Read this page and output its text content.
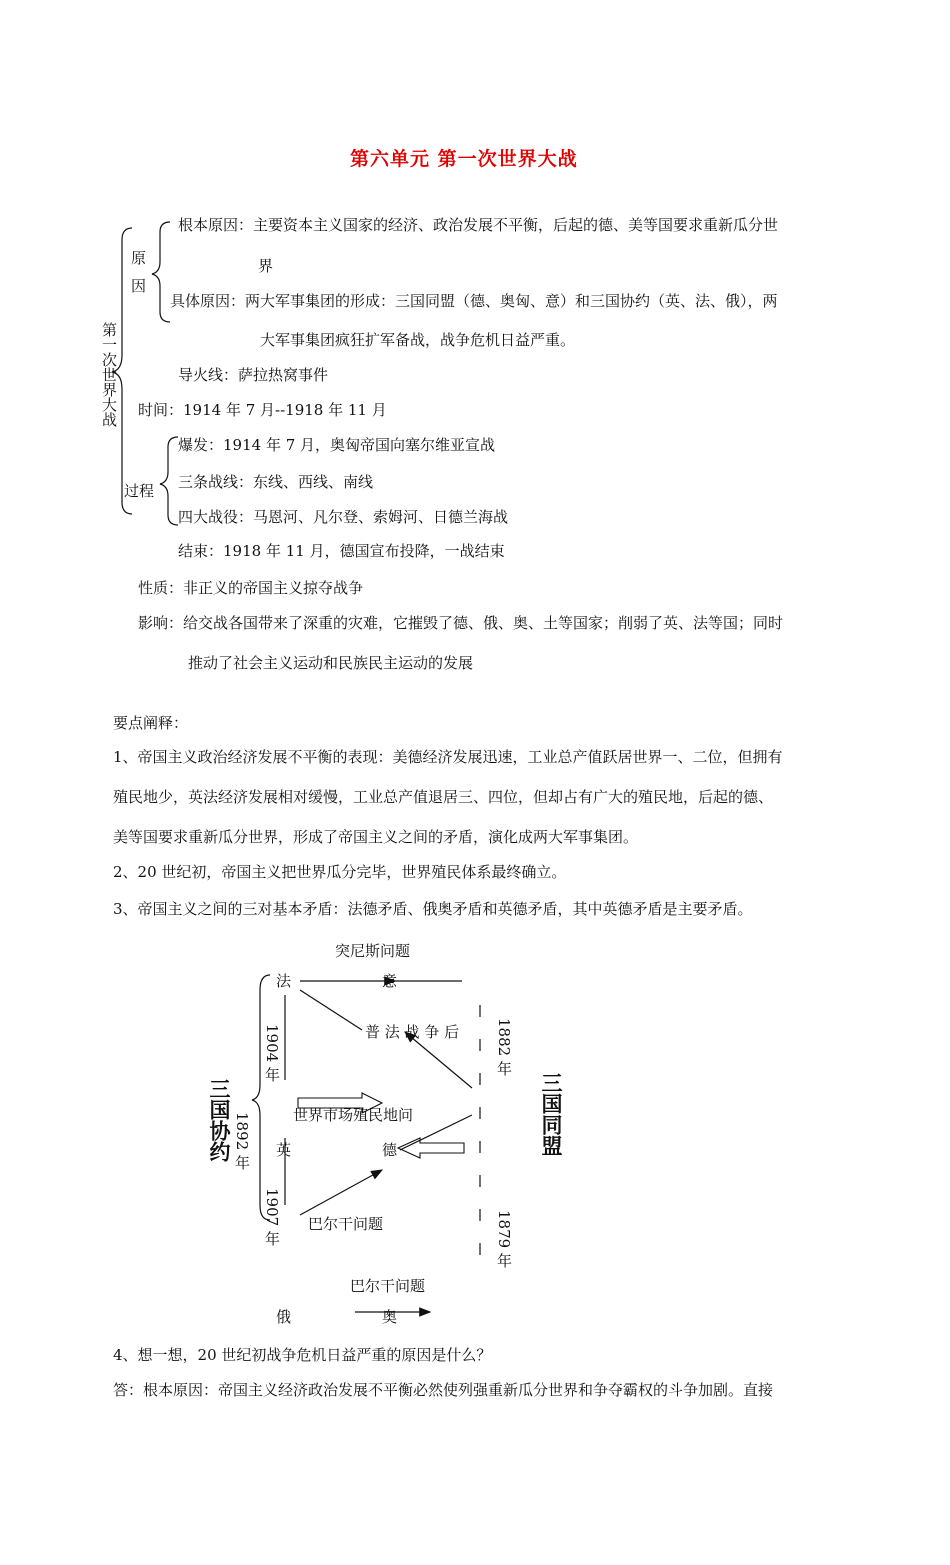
第六单元 第一次世界大战
第一次世界大战
原
因
根本原因：主要资本主义国家的经济、政治发展不平衡，后起的德、美等国要求重新瓜分世
界
具体原因：两大军事集团的形成：三国同盟（德、奥匈、意）和三国协约（英、法、俄），两
大军事集团疯狂扩军备战，战争危机日益严重。
导火线：萨拉热窝事件
时间：1914 年 7 月--1918 年 11 月
过程
爆发：1914 年 7 月，奥匈帝国向塞尔维亚宣战
三条战线：东线、西线、南线
四大战役：马恩河、凡尔登、索姆河、日德兰海战
结束：1918 年 11 月，德国宣布投降，一战结束
性质：非正义的帝国主义掠夺战争
影响：给交战各国带来了深重的灾难，它摧毁了德、俄、奥、土等国家；削弱了英、法等国；同时
推动了社会主义运动和民族民主运动的发展
要点阐释：
1、帝国主义政治经济发展不平衡的表现：美德经济发展迅速，工业总产值跃居世界一、二位，但拥有
殖民地少，英法经济发展相对缓慢，工业总产值退居三、四位，但却占有广大的殖民地，后起的德、
美等国要求重新瓜分世界，形成了帝国主义之间的矛盾，演化成两大军事集团。
2、20 世纪初，帝国主义把世界瓜分完毕，世界殖民体系最终确立。
3、帝国主义之间的三对基本矛盾：法德矛盾、俄奥矛盾和英德矛盾，其中英德矛盾是主要矛盾。
突尼斯问题
法	意
普 法 战 争 后
1904 年	1882 年
三国协约	三国同盟
1892 年	世界市场殖民地问
英	德
1907 年 巴尔干问题	1879 年
巴尔干问题
俄	奥
4、想一想，20 世纪初战争危机日益严重的原因是什么？
答：根本原因：帝国主义经济政治发展不平衡必然使列强重新瓜分世界和争夺霸权的斗争加剧。直接
